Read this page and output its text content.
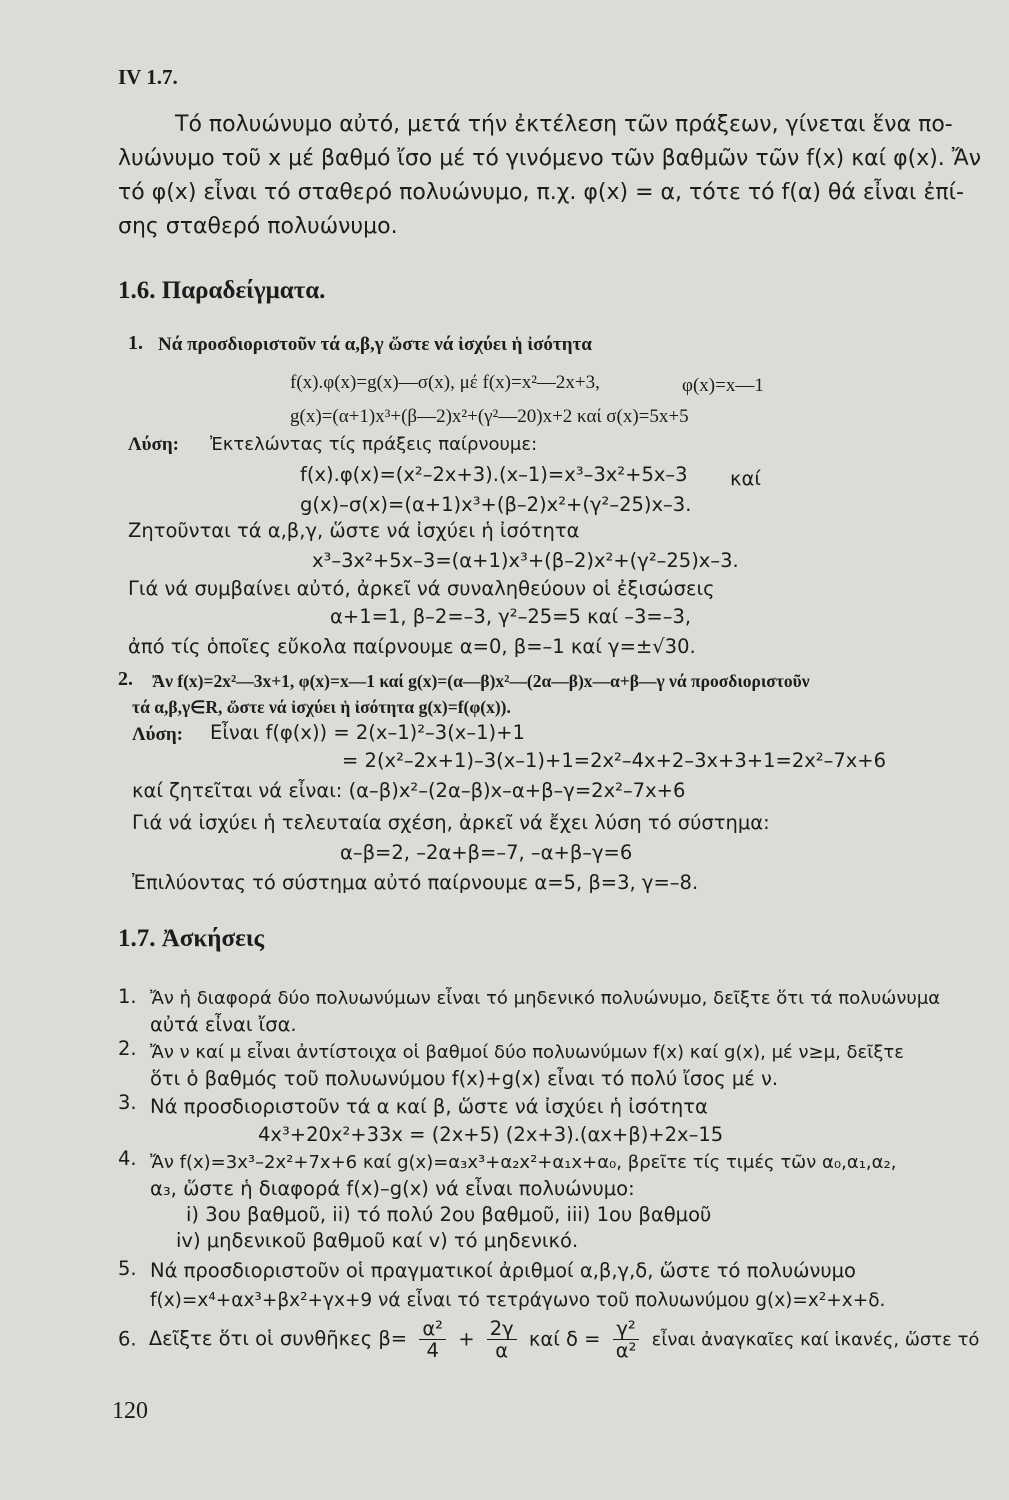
IV 1.7.
Τό πολυώνυμο αὐτό, μετά τήν ἐκτέλεση τῶν πράξεων, γίνεται ἕνα πο-
λυώνυμο τοῦ x μέ βαθμό ἴσο μέ τό γινόμενο τῶν βαθμῶν τῶν f(x) καί φ(x). Ἄν
τό φ(x) εἶναι τό σταθερό πολυώνυμο, π.χ. φ(x) = α, τότε τό f(α) θά εἶναι ἐπί-
σης σταθερό πολυώνυμο.
1.6. Παραδείγματα.
1. Νά προσδιοριστοῦν τά α,β,γ ὥστε νά ἰσχύει ἡ ἰσότητα
f(x).φ(x)=g(x)—σ(x), μέ f(x)=x²—2x+3,	φ(x)=x—1
g(x)=(α+1)x³+(β—2)x²+(γ²—20)x+2 καί σ(x)=5x+5
Λύση: Ἐκτελώντας τίς πράξεις παίρνουμε:
f(x).φ(x)=(x²–2x+3).(x–1)=x³–3x²+5x–3 καί
g(x)–σ(x)=(α+1)x³+(β–2)x²+(γ²–25)x–3.
Ζητοῦνται τά α,β,γ, ὥστε νά ἰσχύει ἡ ἰσότητα
x³–3x²+5x–3=(α+1)x³+(β–2)x²+(γ²–25)x–3.
Γιά νά συμβαίνει αὐτό, ἀρκεῖ νά συναληθεύουν οἱ ἐξισώσεις
α+1=1, β–2=–3, γ²–25=5 καί –3=–3,
ἀπό τίς ὁποῖες εὔκολα παίρνουμε α=0, β=–1 καί γ=±√30.
2. Ἄν f(x)=2x²—3x+1, φ(x)=x—1 καί g(x)=(α—β)x²—(2α—β)x—α+β—γ νά προσδιοριστοῦν
τά α,β,γ∈R, ὥστε νά ἰσχύει ἡ ἰσότητα g(x)=f(φ(x)).
Λύση: Εἶναι f(φ(x)) = 2(x–1)²–3(x–1)+1
= 2(x²–2x+1)–3(x–1)+1=2x²–4x+2–3x+3+1=2x²–7x+6
καί ζητεῖται νά εἶναι: (α–β)x²–(2α–β)x–α+β–γ=2x²–7x+6
Γιά νά ἰσχύει ἡ τελευταία σχέση, ἀρκεῖ νά ἔχει λύση τό σύστημα:
α–β=2, –2α+β=–7, –α+β–γ=6
Ἐπιλύοντας τό σύστημα αὐτό παίρνουμε α=5, β=3, γ=–8.
1.7. Ἀσκήσεις
1. Ἄν ἡ διαφορά δύο πολυωνύμων εἶναι τό μηδενικό πολυώνυμο, δεῖξτε ὅτι τά πολυώνυμα
αὐτά εἶναι ἴσα.
2. Ἄν ν καί μ εἶναι ἀντίστοιχα οἱ βαθμοί δύο πολυωνύμων f(x) καί g(x), μέ ν≥μ, δεῖξτε
ὅτι ὁ βαθμός τοῦ πολυωνύμου f(x)+g(x) εἶναι τό πολύ ἴσος μέ ν.
3. Νά προσδιοριστοῦν τά α καί β, ὥστε νά ἰσχύει ἡ ἰσότητα
4x³+20x²+33x = (2x+5) (2x+3).(αx+β)+2x–15
4. Ἄν f(x)=3x³–2x²+7x+6 καί g(x)=α₃x³+α₂x²+α₁x+α₀, βρεῖτε τίς τιμές τῶν α₀,α₁,α₂,
α₃, ὥστε ἡ διαφορά f(x)–g(x) νά εἶναι πολυώνυμο:
i) 3ου βαθμοῦ, ii) τό πολύ 2ου βαθμοῦ, iii) 1ου βαθμοῦ
iv) μηδενικοῦ βαθμοῦ καί v) τό μηδενικό.
5. Νά προσδιοριστοῦν οἱ πραγματικοί ἀριθμοί α,β,γ,δ, ὥστε τό πολυώνυμο
f(x)=x⁴+αx³+βx²+γx+9 νά εἶναι τό τετράγωνο τοῦ πολυωνύμου g(x)=x²+x+δ.
6. Δεῖξτε ὅτι οἱ συνθῆκες $\beta= \frac{\text{α²}}{4} + \frac{2\gamma}{\alpha}$ καί $\delta = \frac{\text{γ²}}{\text{α²}}$ εἶναι ἀναγκαῖες καί ἱκανές, ὥστε τό
120
